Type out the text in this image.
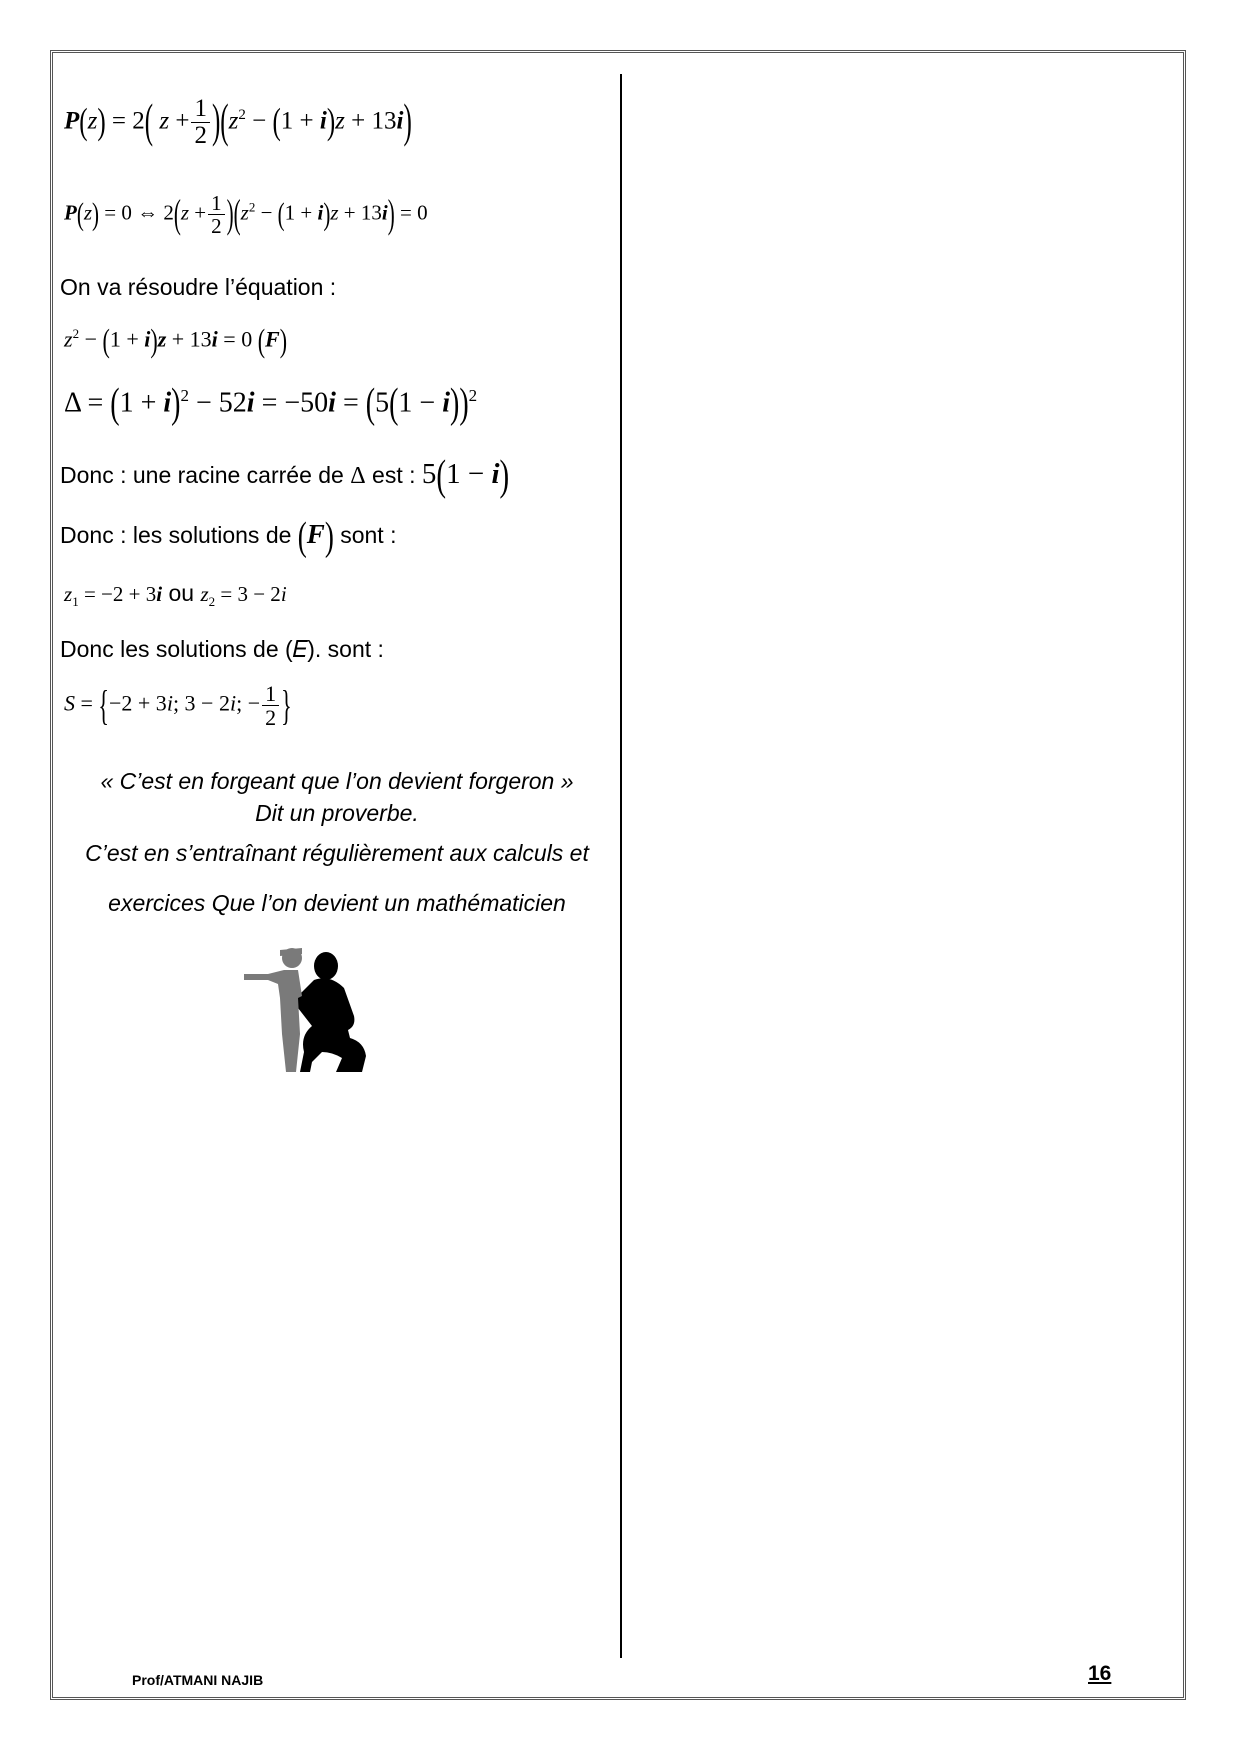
P(z) = 2( $z + \frac{1}{2} )(z^2 - (1 + i)z + 13i)$
P(z) = 0 ⇔ $2(z + \frac{1}{2} )(z^2 - (1 + i)z + 13i) = 0$
On va résoudre l’équation :
$z^2 - (1 + i)z + 13i = 0$ (F)
$\Delta = (1 + i)^2 - 52i = -50i = (5(1 - i))^2$
Donc : une racine carrée de Δ est : 5(1 − i)
Donc : les solutions de (F) sont :
$z_1 = -2 + 3i$ ou $z_2 = 3 - 2i$
Donc les solutions de (𝐸). sont :
S = {−2 + 3i; 3 − 2i; − $\frac{1}{2}$ }
« C’est en forgeant que l’on devient forgeron »
Dit un proverbe.
C’est en s’entraînant régulièrement aux calculs et
exercices Que l’on devient un mathématicien
Prof/ATMANI NAJIB	16
